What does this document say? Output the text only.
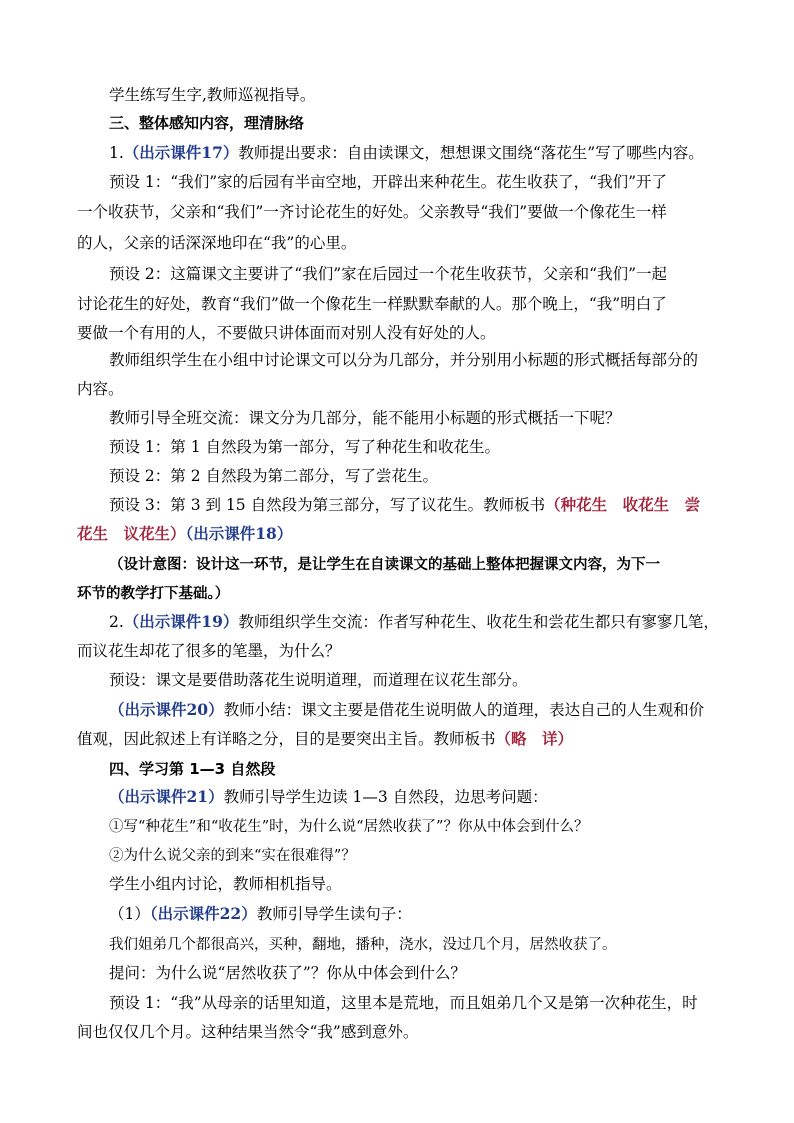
学生练写生字,教师巡视指导。
三、整体感知内容，理清脉络
1.（出示课件17）教师提出要求：自由读课文，想想课文围绕“落花生”写了哪些内容。
预设 1：“我们”家的后园有半亩空地，开辟出来种花生。花生收获了，“我们”开了
一个收获节，父亲和“我们”一齐讨论花生的好处。父亲教导“我们”要做一个像花生一样
的人，父亲的话深深地印在“我”的心里。
预设 2：这篇课文主要讲了“我们”家在后园过一个花生收获节，父亲和“我们”一起
讨论花生的好处，教育“我们”做一个像花生一样默默奉献的人。那个晚上，“我”明白了
要做一个有用的人，不要做只讲体面而对别人没有好处的人。
教师组织学生在小组中讨论课文可以分为几部分，并分别用小标题的形式概括每部分的
内容。
教师引导全班交流：课文分为几部分，能不能用小标题的形式概括一下呢？
预设 1：第 1 自然段为第一部分，写了种花生和收花生。
预设 2：第 2 自然段为第二部分，写了尝花生。
预设 3：第 3 到 15 自然段为第三部分，写了议花生。教师板书（种花生　收花生　尝
花生　议花生）（出示课件18）
（设计意图：设计这一环节，是让学生在自读课文的基础上整体把握课文内容，为下一
环节的教学打下基础。）
2.（出示课件19）教师组织学生交流：作者写种花生、收花生和尝花生都只有寥寥几笔，
而议花生却花了很多的笔墨，为什么？
预设：课文是要借助落花生说明道理，而道理在议花生部分。
（出示课件20）教师小结：课文主要是借花生说明做人的道理，表达自己的人生观和价
值观，因此叙述上有详略之分，目的是要突出主旨。教师板书（略　详）
四、学习第 1—3 自然段
（出示课件21）教师引导学生边读 1—3 自然段，边思考问题：
①写“种花生”和“收花生”时，为什么说“居然收获了”？你从中体会到什么？
②为什么说父亲的到来“实在很难得”？
学生小组内讨论，教师相机指导。
（1）（出示课件22）教师引导学生读句子：
我们姐弟几个都很高兴，买种，翻地，播种，浇水，没过几个月，居然收获了。
提问：为什么说“居然收获了”？你从中体会到什么？
预设 1：“我”从母亲的话里知道，这里本是荒地，而且姐弟几个又是第一次种花生，时
间也仅仅几个月。这种结果当然令“我”感到意外。
